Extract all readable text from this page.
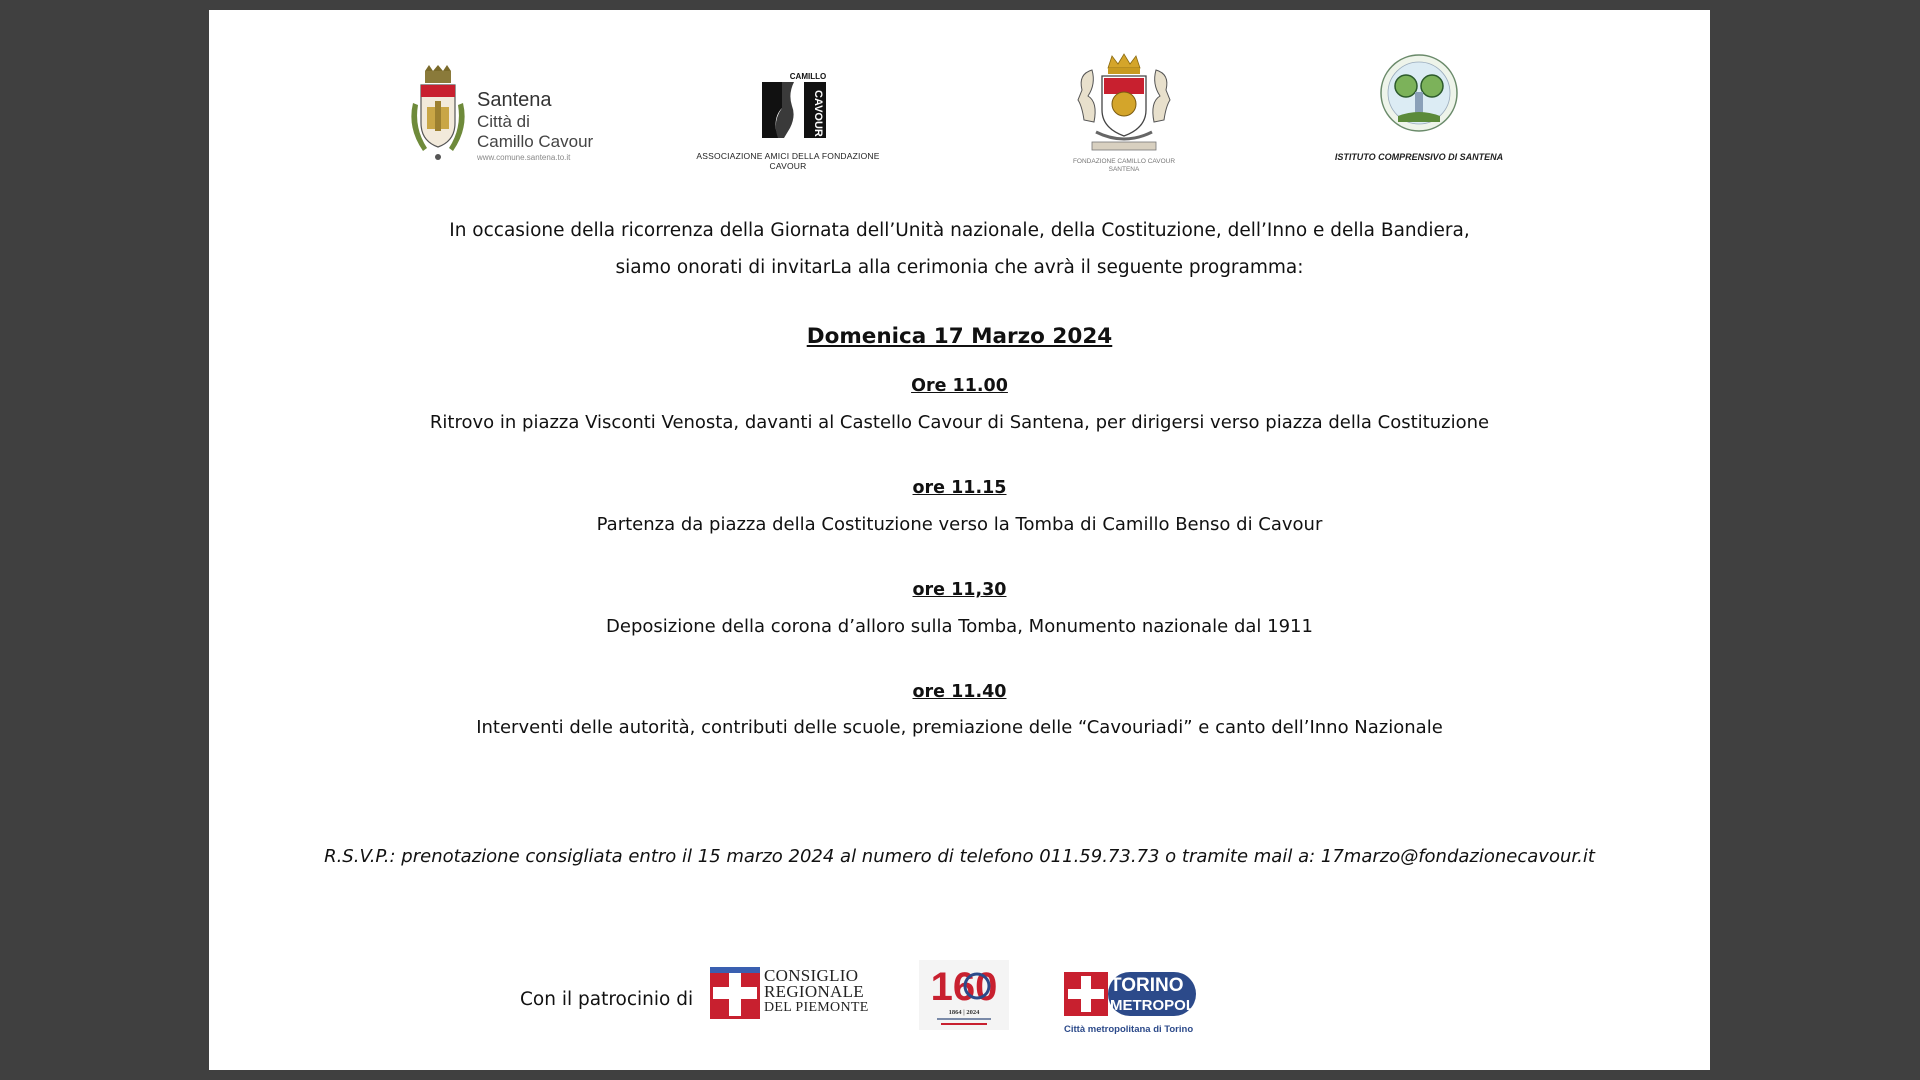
Santena
Città di
Camillo Cavour
www.comune.santena.to.it
CAMILLO
CAVOUR
ASSOCIAZIONE AMICI DELLA FONDAZIONE CAVOUR	FONDAZIONE CAMILLO CAVOUR
SANTENA
ISTITUTO COMPRENSIVO DI SANTENA
In occasione della ricorrenza della Giornata dell’Unità nazionale, della Costituzione, dell’Inno e della Bandiera,
siamo onorati di invitarLa alla cerimonia che avrà il seguente programma:
Domenica 17 Marzo 2024
Ore 11.00
Ritrovo in piazza Visconti Venosta, davanti al Castello Cavour di Santena, per dirigersi verso piazza della Costituzione
ore 11.15
Partenza da piazza della Costituzione verso la Tomba di Camillo Benso di Cavour
ore 11,30
Deposizione della corona d’alloro sulla Tomba, Monumento nazionale dal 1911
ore 11.40
Interventi delle autorità, contributi delle scuole, premiazione delle “Cavouriadi” e canto dell’Inno Nazionale
R.S.V.P.: prenotazione consigliata entro il 15 marzo 2024 al numero di telefono 011.59.73.73 o tramite mail a: 17marzo@fondazionecavour.it
Con il patrocinio di
CONSIGLIO
REGIONALE
DEL PIEMONTE 160
1864 | 2024
TORINO
METROPOLI
Città metropolitana di Torino
